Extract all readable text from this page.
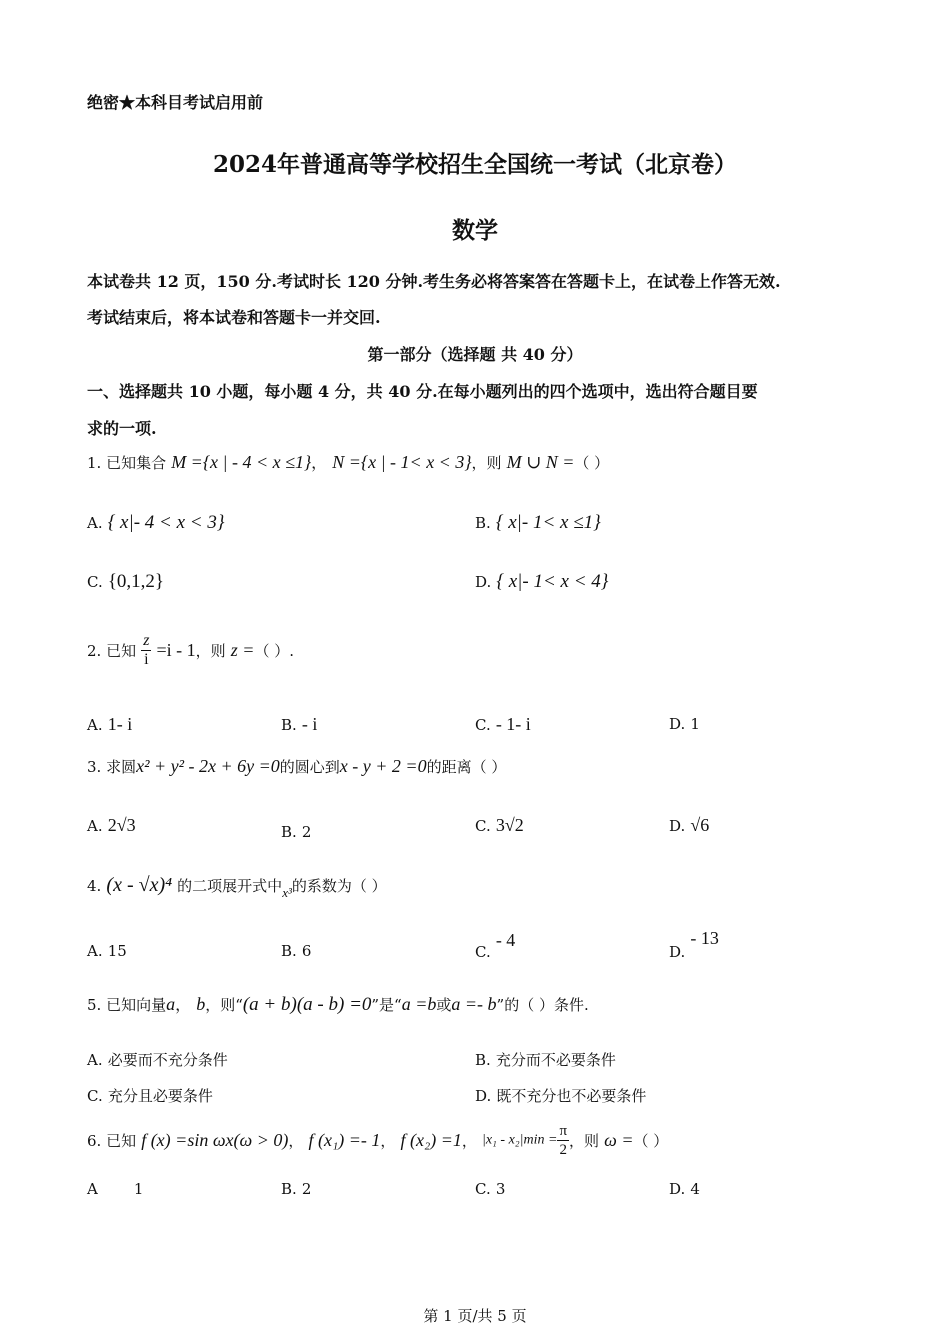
绝密★本科目考试启用前
2024年普通高等学校招生全国统一考试（北京卷）
数学
本试卷共 12 页，150 分.考试时长 120 分钟.考生务必将答案答在答题卡上，在试卷上作答无效.
考试结束后，将本试卷和答题卡一并交回.
第一部分（选择题 共 40 分）
一、选择题共 10 小题，每小题 4 分，共 40 分.在每小题列出的四个选项中，选出符合题目要
求的一项.
1. 已知集合 M ={x | - 4 < x ≤1}， N ={x | - 1< x < 3}，则 M ∪ N =（ ）
A. { x|- 4 < x < 3}	B. { x|- 1< x ≤1}
C. {0,1,2}	D. { x|- 1< x < 4}
2. 已知 $\frac{z}{i} =i - 1$，则 z =（ ）.
A. 1- i	B. - i	C. - 1- i	D. 1
3. 求圆x² + y² - 2x + 6y =0的圆心到x - y + 2 =0的距离（ ）
A. 2√3	B. 2	C. 3√2	D. √6
4. (x - √x)⁴ 的二项展开式中$_{x^3}$的系数为（ ）
A. 15	B. 6	C. - 4
D. - 13
5. 已知向量a， b，则“(a + b)(a - b) =0”是“a =b或a =- b”的（ ）条件.
A. 必要而不充分条件	B. 充分而不必要条件
C. 充分且必要条件	D. 既不充分也不必要条件
6. 已知 f (x) =sin ωx(ω > 0)， f (x₁) =- 1， f (x₂) =1， $|x_1 - x_2|\min = \frac{\pi}{2}$ ，则 ω =（ ）
A 1	B. 2	C. 3	D. 4
第 1 页/共 5 页
